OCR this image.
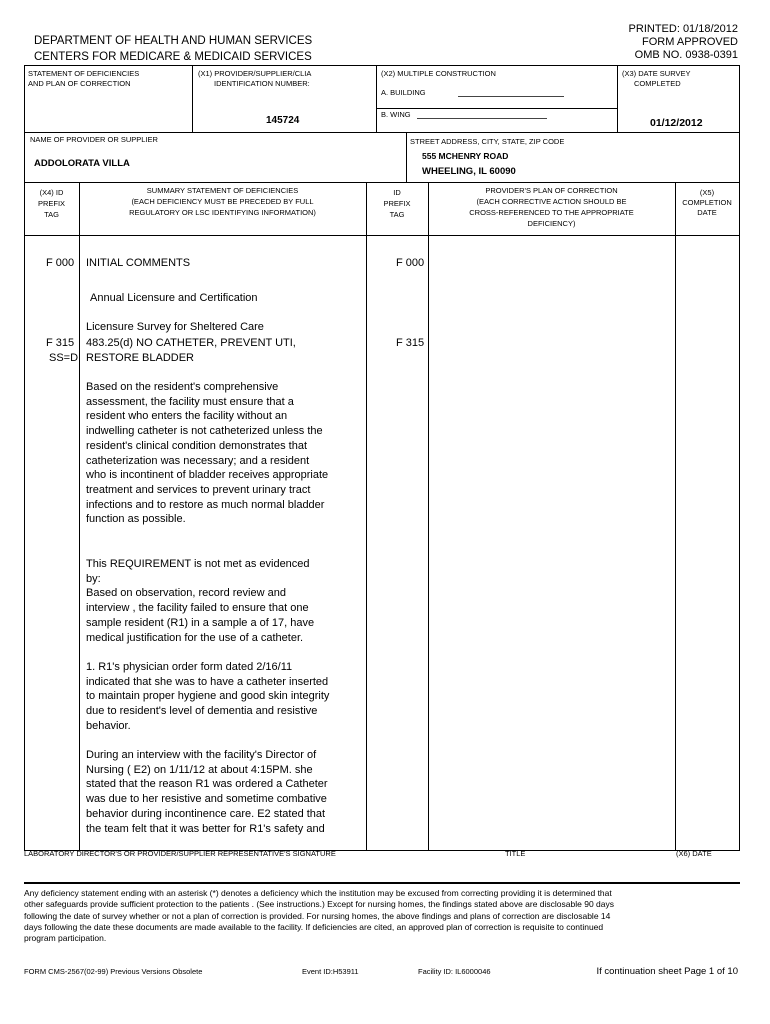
PRINTED: 01/18/2012
FORM APPROVED
OMB NO. 0938-0391
DEPARTMENT OF HEALTH AND HUMAN SERVICES
CENTERS FOR MEDICARE & MEDICAID SERVICES
STATEMENT OF DEFICIENCIES
AND PLAN OF CORRECTION
(X1) PROVIDER/SUPPLIER/CLIA
IDENTIFICATION NUMBER:
145724
(X2) MULTIPLE CONSTRUCTION
A. BUILDING
B. WING
(X3) DATE SURVEY
COMPLETED
01/12/2012
NAME OF PROVIDER OR SUPPLIER
ADDOLORATA VILLA
STREET ADDRESS, CITY, STATE, ZIP CODE
555 MCHENRY ROAD
WHEELING, IL 60090
(X4) ID
PREFIX
TAG
SUMMARY STATEMENT OF DEFICIENCIES
(EACH DEFICIENCY MUST BE PRECEDED BY FULL
REGULATORY OR LSC IDENTIFYING INFORMATION)
ID
PREFIX
TAG
PROVIDER'S PLAN OF CORRECTION
(EACH CORRECTIVE ACTION SHOULD BE
CROSS-REFERENCED TO THE APPROPRIATE
DEFICIENCY)
(X5)
COMPLETION
DATE
F 000 INITIAL COMMENTS	F 000
Annual Licensure and Certification
Licensure Survey for Sheltered Care
F 315 483.25(d) NO CATHETER, PREVENT UTI,	F 315
SS=D RESTORE BLADDER
Based on the resident's comprehensive
assessment, the facility must ensure that a
resident who enters the facility without an
indwelling catheter is not catheterized unless the
resident's clinical condition demonstrates that
catheterization was necessary; and a resident
who is incontinent of bladder receives appropriate
treatment and services to prevent urinary tract
infections and to restore as much normal bladder
function as possible.
This REQUIREMENT is not met as evidenced
by:
Based on observation, record review and
interview , the facility failed to ensure that one
sample resident (R1) in a sample a of 17, have
medical justification for the use of a catheter.
1. R1's physician order form dated 2/16/11
indicated that she was to have a catheter inserted
to maintain proper hygiene and good skin integrity
due to resident's level of dementia and resistive
behavior.
During an interview with the facility's Director of
Nursing ( E2) on 1/11/12 at about 4:15PM. she
stated that the reason R1 was ordered a Catheter
was due to her resistive and sometime combative
behavior during incontinence care. E2 stated that
the team felt that it was better for R1's safety and
LABORATORY DIRECTOR'S OR PROVIDER/SUPPLIER REPRESENTATIVE'S SIGNATURE	TITLE	(X6) DATE
Any deficiency statement ending with an asterisk (*) denotes a deficiency which the institution may be excused from correcting providing it is determined that
other safeguards provide sufficient protection to the patients . (See instructions.) Except for nursing homes, the findings stated above are disclosable 90 days
following the date of survey whether or not a plan of correction is provided. For nursing homes, the above findings and plans of correction are disclosable 14
days following the date these documents are made available to the facility. If deficiencies are cited, an approved plan of correction is requisite to continued
program participation.
FORM CMS-2567(02-99) Previous Versions Obsolete	Event ID:H53911	Facility ID: IL6000046	If continuation sheet Page 1 of 10
